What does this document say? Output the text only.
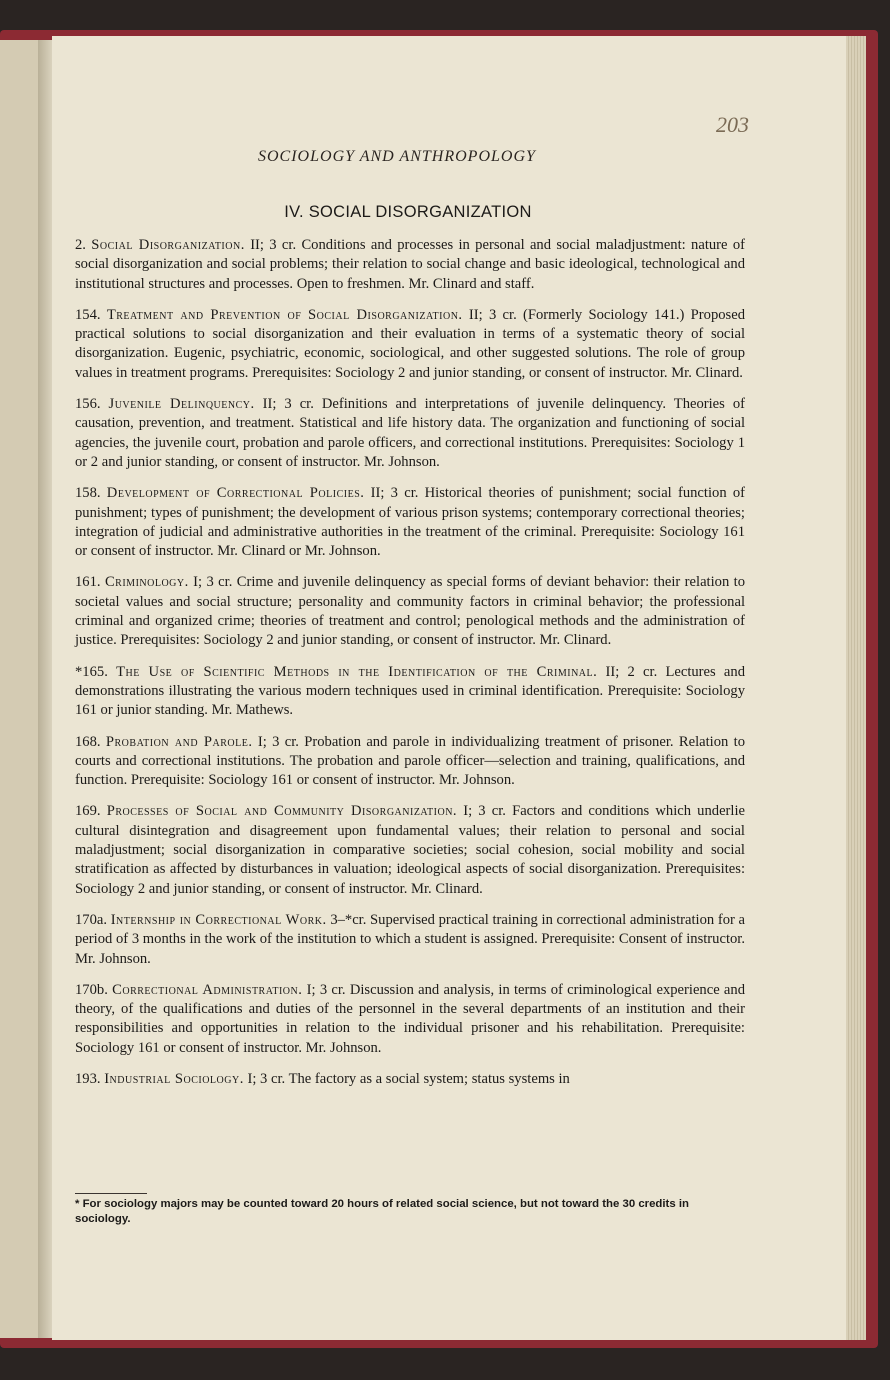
203
SOCIOLOGY AND ANTHROPOLOGY
IV. SOCIAL DISORGANIZATION

2. Social Disorganization. II; 3 cr. Conditions and processes in personal and social maladjustment: nature of social disorganization and social problems; their relation to social change and basic ideological, technological and institutional structures and processes. Open to freshmen. Mr. Clinard and staff.

154. Treatment and Prevention of Social Disorganization. II; 3 cr. (Formerly Sociology 141.) Proposed practical solutions to social disorganization and their evaluation in terms of a systematic theory of social disorganization. Eugenic, psychiatric, economic, sociological, and other suggested solutions. The role of group values in treatment programs. Prerequisites: Sociology 2 and junior standing, or consent of instructor. Mr. Clinard.

156. Juvenile Delinquency. II; 3 cr. Definitions and interpretations of juvenile delinquency. Theories of causation, prevention, and treatment. Statistical and life history data. The organization and functioning of social agencies, the juvenile court, probation and parole officers, and correctional institutions. Prerequisites: Sociology 1 or 2 and junior standing, or consent of instructor. Mr. Johnson.

158. Development of Correctional Policies. II; 3 cr. Historical theories of punishment; social function of punishment; types of punishment; the development of various prison systems; contemporary correctional theories; integration of judicial and administrative authorities in the treatment of the criminal. Prerequisite: Sociology 161 or consent of instructor. Mr. Clinard or Mr. Johnson.

161. Criminology. I; 3 cr. Crime and juvenile delinquency as special forms of deviant behavior: their relation to societal values and social structure; personality and community factors in criminal behavior; the professional criminal and organized crime; theories of treatment and control; penological methods and the administration of justice. Prerequisites: Sociology 2 and junior standing, or consent of instructor. Mr. Clinard.

*165. The Use of Scientific Methods in the Identification of the Criminal. II; 2 cr. Lectures and demonstrations illustrating the various modern techniques used in criminal identification. Prerequisite: Sociology 161 or junior standing. Mr. Mathews.

168. Probation and Parole. I; 3 cr. Probation and parole in individualizing treatment of prisoner. Relation to courts and correctional institutions. The probation and parole officer—selection and training, qualifications, and function. Prerequisite: Sociology 161 or consent of instructor. Mr. Johnson.

169. Processes of Social and Community Disorganization. I; 3 cr. Factors and conditions which underlie cultural disintegration and disagreement upon fundamental values; their relation to personal and social maladjustment; social disorganization in comparative societies; social cohesion, social mobility and social stratification as affected by disturbances in valuation; ideological aspects of social disorganization. Prerequisites: Sociology 2 and junior standing, or consent of instructor. Mr. Clinard.

170a. Internship in Correctional Work. 3–*cr. Supervised practical training in correctional administration for a period of 3 months in the work of the institution to which a student is assigned. Prerequisite: Consent of instructor. Mr. Johnson.

170b. Correctional Administration. I; 3 cr. Discussion and analysis, in terms of criminological experience and theory, of the qualifications and duties of the personnel in the several departments of an institution and their responsibilities and opportunities in relation to the individual prisoner and his rehabilitation. Prerequisite: Sociology 161 or consent of instructor. Mr. Johnson.

193. Industrial Sociology. I; 3 cr. The factory as a social system; status systems in

* For sociology majors may be counted toward 20 hours of related social science, but not toward the 30 credits in sociology.
